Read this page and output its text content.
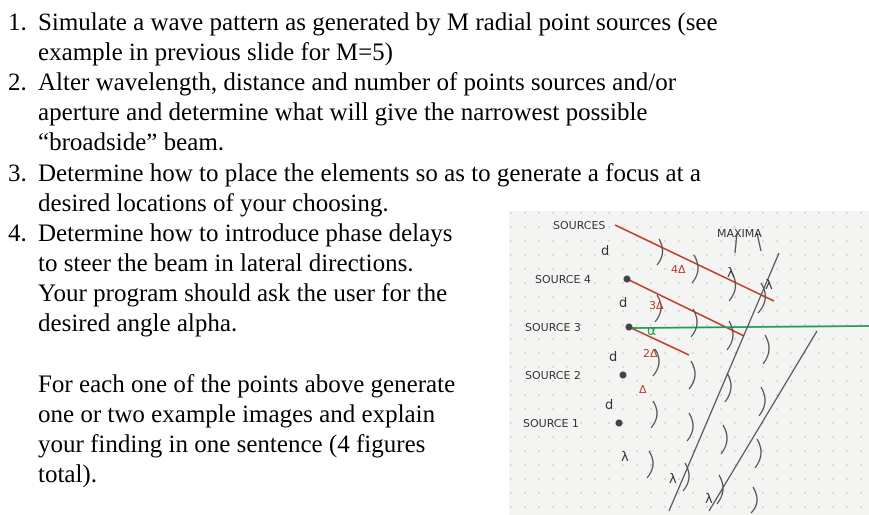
1. Simulate a wave pattern as generated by M radial point sources (see
example in previous slide for M=5)
2. Alter wavelength, distance and number of points sources and/or
aperture and determine what will give the narrowest possible
“broadside” beam.
3. Determine how to place the elements so as to generate a focus at a
desired locations of your choosing.
4. Determine how to introduce phase delays
to steer the beam in lateral directions.
Your program should ask the user for the
desired angle alpha.
For each one of the points above generate
one or two example images and explain
your finding in one sentence (4 figures
total).
SOURCES
MAXIMA
SOURCE 4
SOURCE 3
SOURCE 2
SOURCE 1
d
d
d
d
4Δ
3Δ
2Δ
Δ
α
λ
λ
λ
λ
λ
